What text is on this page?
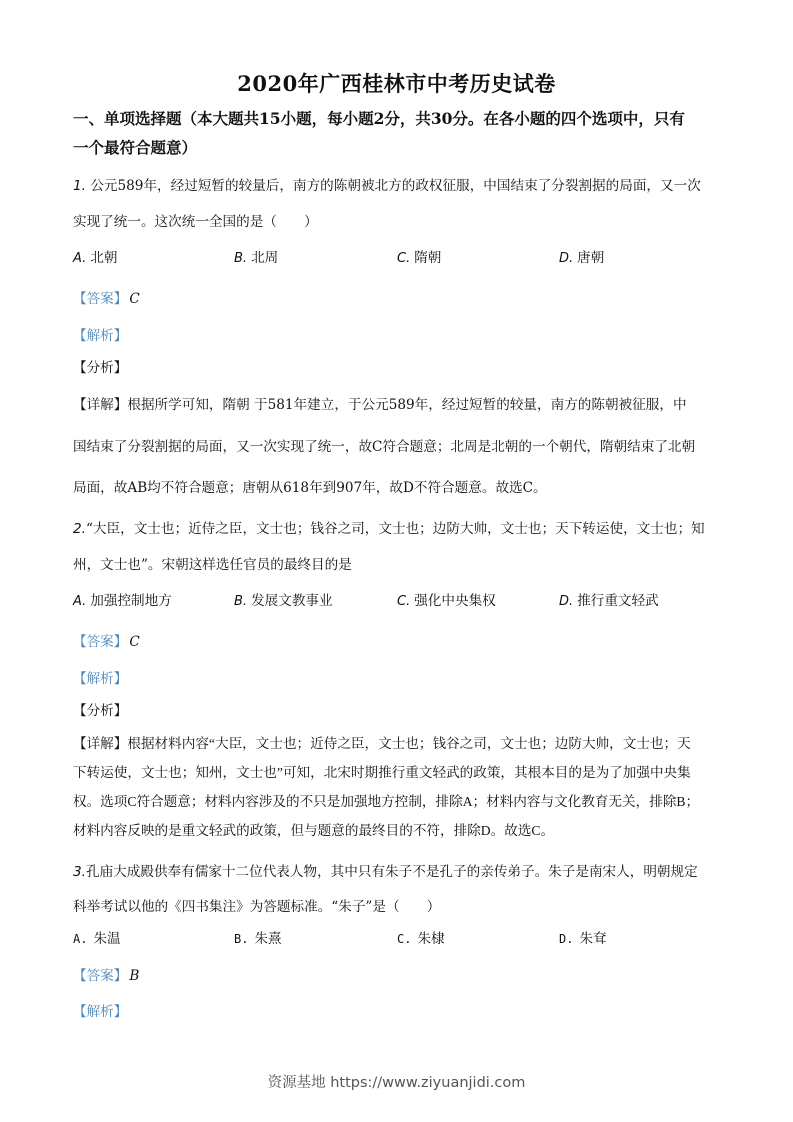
2020年广西桂林市中考历史试卷
一、单项选择题（本大题共15小题，每小题2分，共30分。在各小题的四个选项中，只有
一个最符合题意）
1. 公元589年，经过短暂的较量后，南方的陈朝被北方的政权征服，中国结束了分裂割据的局面，又一次
实现了统一。这次统一全国的是（　　）
A. 北朝	B. 北周	C. 隋朝	D. 唐朝
【答案】 C
【解析】
【分析】
【详解】根据所学可知，隋朝 于581年建立，于公元589年，经过短暂的较量，南方的陈朝被征服，中
国结束了分裂割据的局面，又一次实现了统一，故C符合题意；北周是北朝的一个朝代，隋朝结束了北朝
局面，故AB均不符合题意；唐朝从618年到907年，故D不符合题意。故选C。
2.“大臣，文士也；近侍之臣，文士也；钱谷之司，文士也；边防大帅，文士也；天下转运使，文士也；知
州，文士也”。宋朝这样选任官员的最终目的是
A. 加强控制地方	B. 发展文教事业	C. 强化中央集权	D. 推行重文轻武
【答案】 C
【解析】
【分析】
【详解】根据材料内容“大臣，文士也；近侍之臣，文士也；钱谷之司，文士也；边防大帅，文士也；天
下转运使，文士也；知州，文士也”可知，北宋时期推行重文轻武的政策，其根本目的是为了加强中央集
权。选项C符合题意；材料内容涉及的不只是加强地方控制，排除A；材料内容与文化教育无关，排除B；
材料内容反映的是重文轻武的政策，但与题意的最终目的不符，排除D。故选C。
3.孔庙大成殿供奉有儒家十二位代表人物，其中只有朱子不是孔子的亲传弟子。朱子是南宋人，明朝规定
科举考试以他的《四书集注》为答题标准。“朱子”是（　　）
A. 朱温	B. 朱熹	C. 朱棣	D. 朱耷
【答案】 B
【解析】
资源基地 https://www.ziyuanjidi.com
